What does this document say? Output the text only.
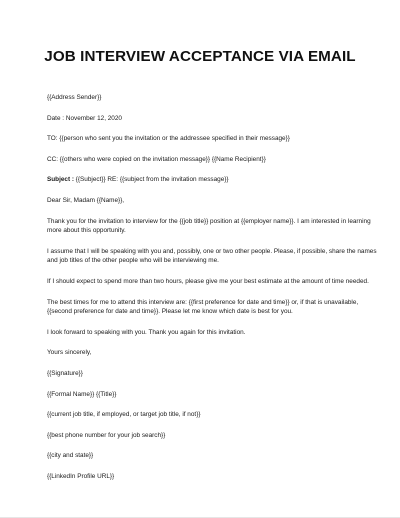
JOB INTERVIEW ACCEPTANCE VIA EMAIL

{{Address Sender}}

Date : November 12, 2020

TO: {{person who sent you the invitation or the addressee specified in their message}}

CC: {{others who were copied on the invitation message}} {{Name Recipient}}

Subject : {{Subject}} RE: {{subject from the invitation message}}

Dear Sir, Madam {{Name}},

Thank you for the invitation to interview for the {{job title}} position at {{employer name}}. I am interested in learning more about this opportunity.

I assume that I will be speaking with you and, possibly, one or two other people. Please, if possible, share the names and job titles of the other people who will be interviewing me.

If I should expect to spend more than two hours, please give me your best estimate at the amount of time needed.

The best times for me to attend this interview are: {{first preference for date and time}} or, if that is unavailable, {{second preference for date and time}}. Please let me know which date is best for you.

I look forward to speaking with you. Thank you again for this invitation.

Yours sincerely,

{{Signature}}

{{Formal Name}} {{Title}}

{{current job title, if employed, or target job title, if not}}

{{best phone number for your job search}}

{{city and state}}

{{LinkedIn Profile URL}}
